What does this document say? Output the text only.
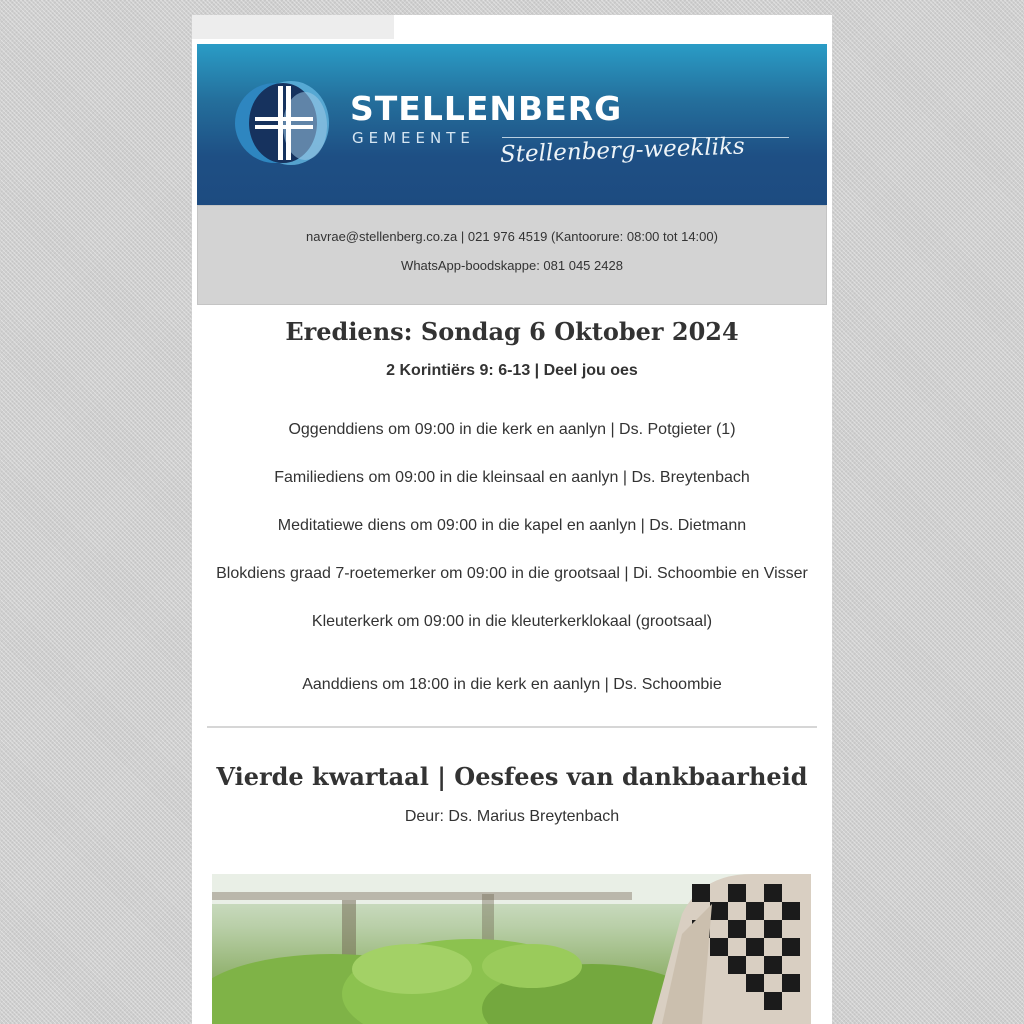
STELLENBERG
GEMEENTE Stellenberg-weekliks
navrae@stellenberg.co.za | 021 976 4519 (Kantoorure: 08:00 tot 14:00)
WhatsApp-boodskappe: 081 045 2428
Erediens: Sondag 6 Oktober 2024
2 Korintiërs 9: 6-13 | Deel jou oes
Oggenddiens om 09:00 in die kerk en aanlyn | Ds. Potgieter (1)
Familiediens om 09:00 in die kleinsaal en aanlyn | Ds. Breytenbach
Meditatiewe diens om 09:00 in die kapel en aanlyn | Ds. Dietmann
Blokdiens graad 7-roetemerker om 09:00 in die grootsaal | Di. Schoombie en Visser
Kleuterkerk om 09:00 in die kleuterkerklokaal (grootsaal)
Aanddiens om 18:00 in die kerk en aanlyn | Ds. Schoombie
Vierde kwartaal | Oesfees van dankbaarheid
Deur: Ds. Marius Breytenbach
